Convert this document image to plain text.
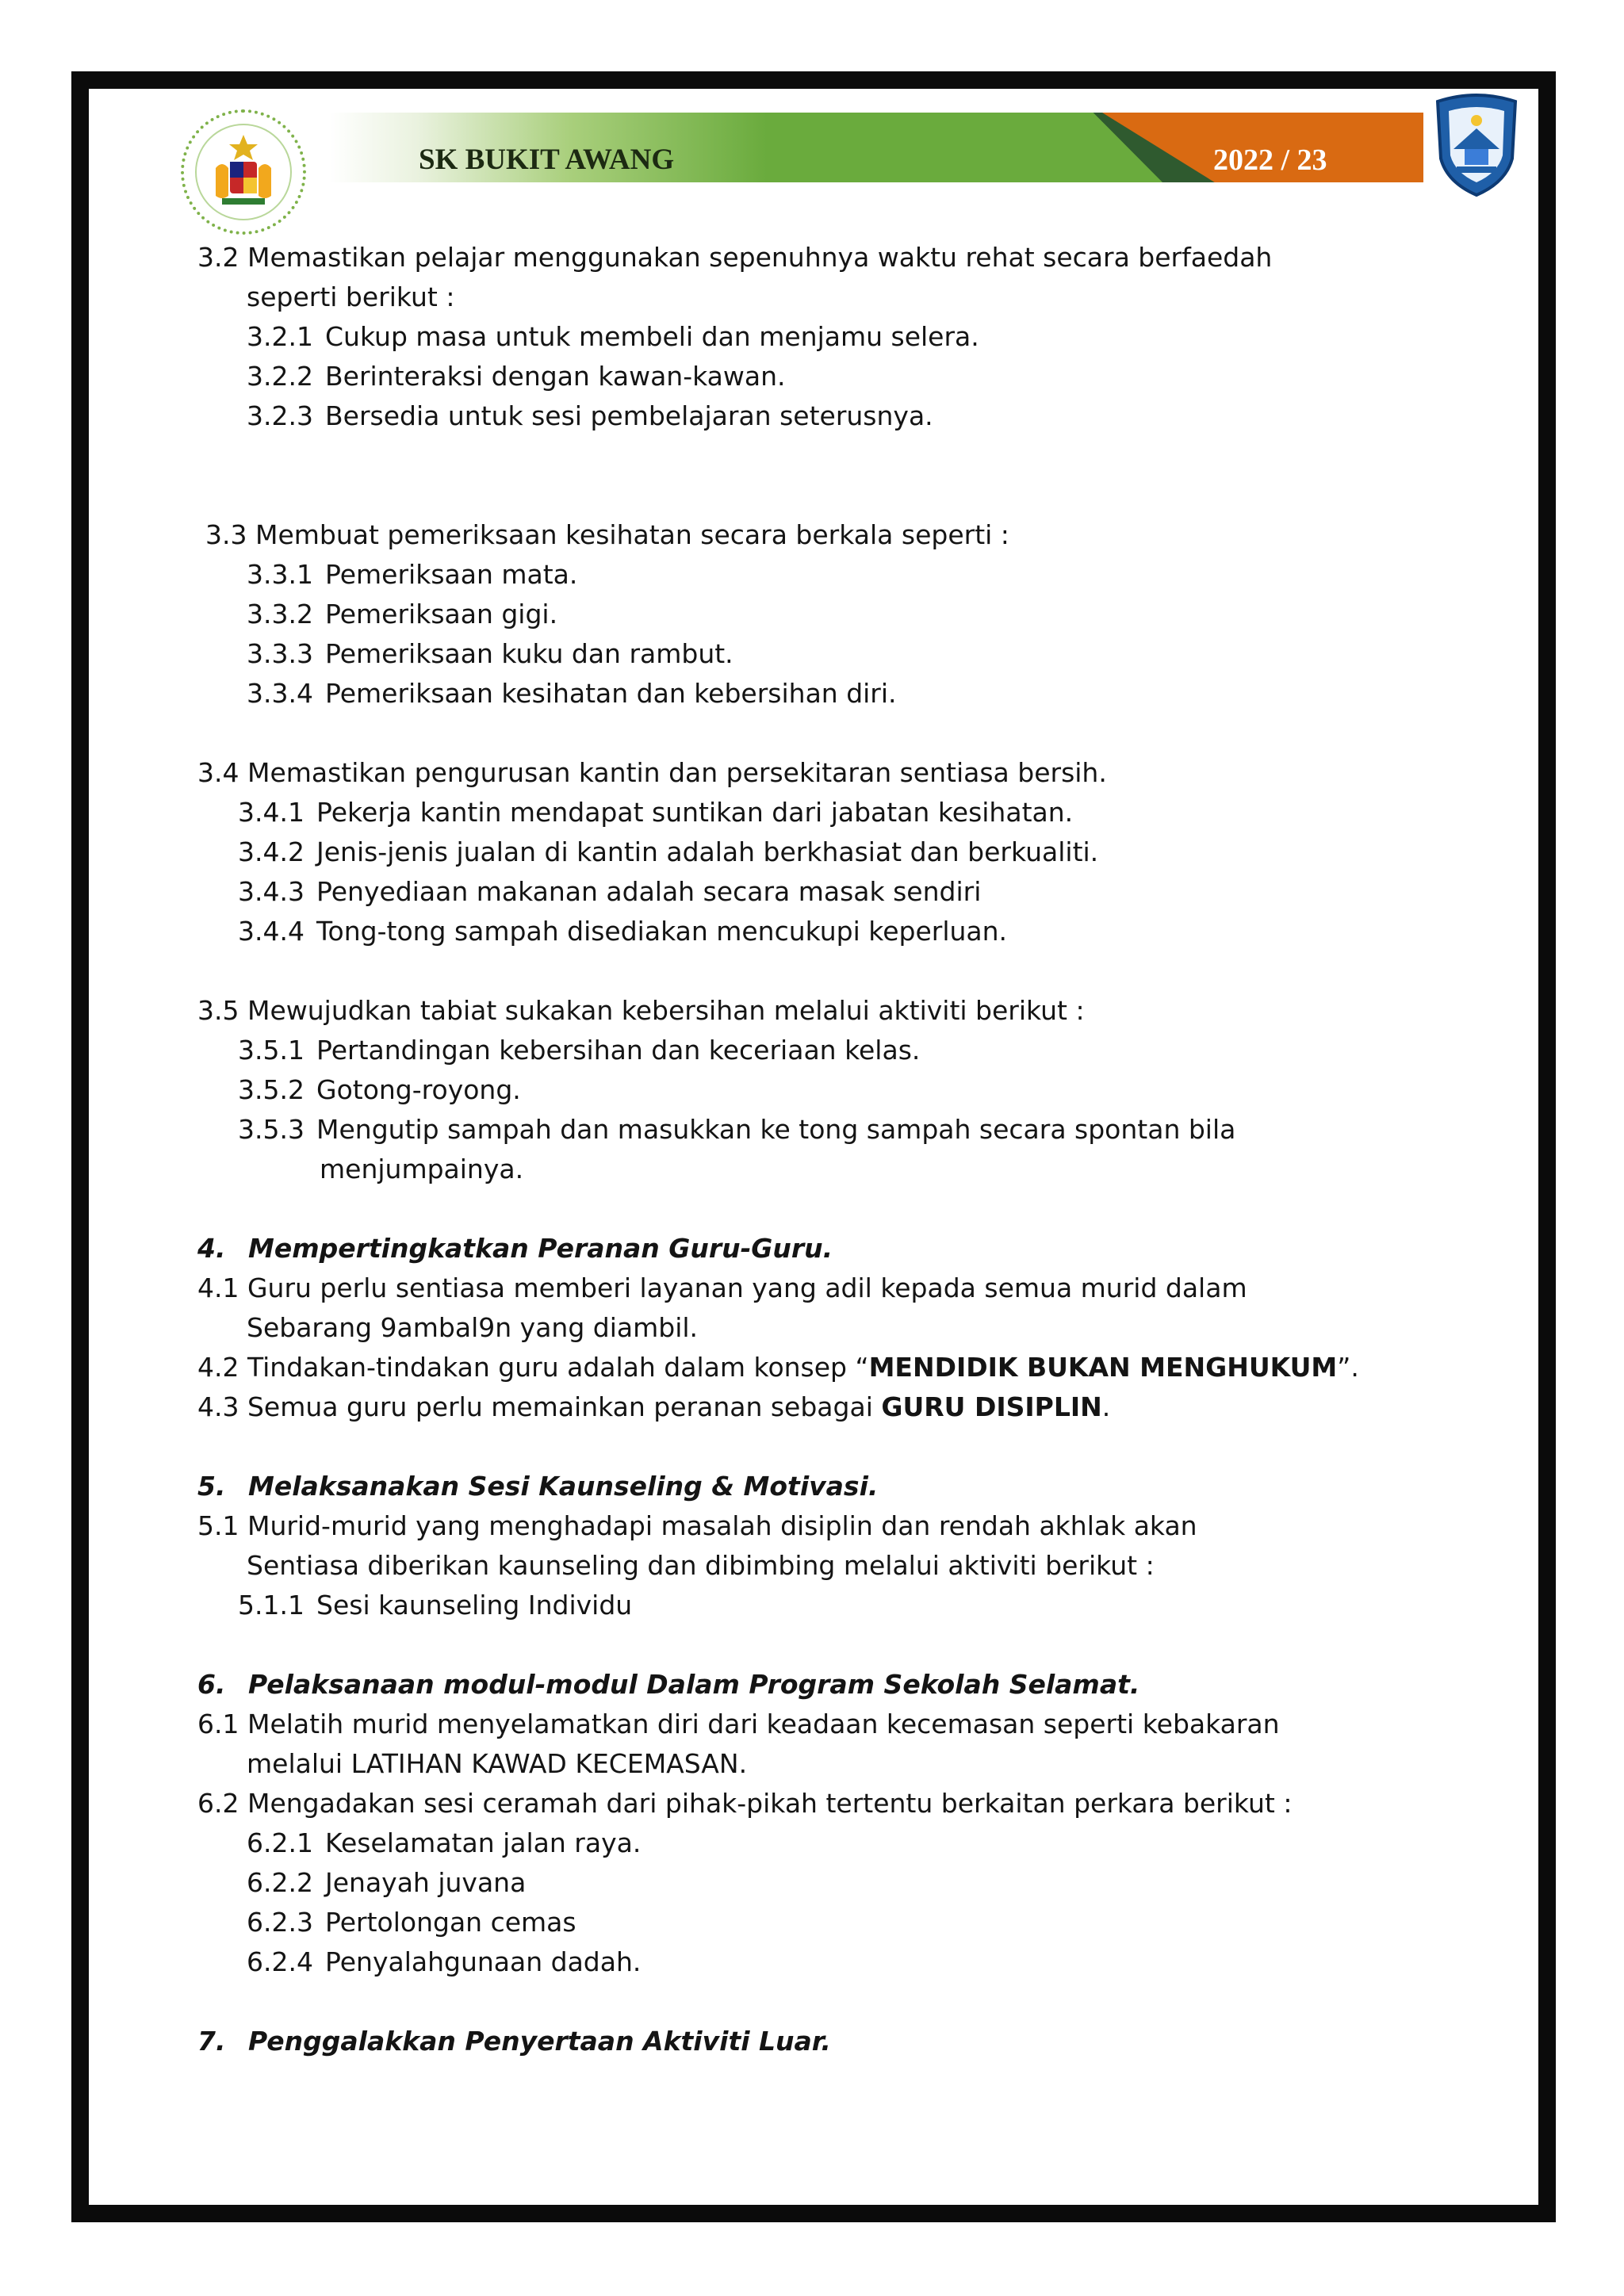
SK BUKIT AWANG	2022 / 23
3.2 Memastikan pelajar menggunakan sepenuhnya waktu rehat secara berfaedah
seperti berikut :
3.2.1 Cukup masa untuk membeli dan menjamu selera.
3.2.2 Berinteraksi dengan kawan-kawan.
3.2.3 Bersedia untuk sesi pembelajaran seterusnya.
3.3 Membuat pemeriksaan kesihatan secara berkala seperti :
3.3.1 Pemeriksaan mata.
3.3.2 Pemeriksaan gigi.
3.3.3 Pemeriksaan kuku dan rambut.
3.3.4 Pemeriksaan kesihatan dan kebersihan diri.
3.4 Memastikan pengurusan kantin dan persekitaran sentiasa bersih.
3.4.1 Pekerja kantin mendapat suntikan dari jabatan kesihatan.
3.4.2 Jenis-jenis jualan di kantin adalah berkhasiat dan berkualiti.
3.4.3 Penyediaan makanan adalah secara masak sendiri
3.4.4 Tong-tong sampah disediakan mencukupi keperluan.
3.5 Mewujudkan tabiat sukakan kebersihan melalui aktiviti berikut :
3.5.1 Pertandingan kebersihan dan keceriaan kelas.
3.5.2 Gotong-royong.
3.5.3 Mengutip sampah dan masukkan ke tong sampah secara spontan bila
menjumpainya.
4. Mempertingkatkan Peranan Guru-Guru.
4.1 Guru perlu sentiasa memberi layanan yang adil kepada semua murid dalam
Sebarang 9ambal9n yang diambil.
4.2 Tindakan-tindakan guru adalah dalam konsep “MENDIDIK BUKAN MENGHUKUM”.
4.3 Semua guru perlu memainkan peranan sebagai GURU DISIPLIN.
5. Melaksanakan Sesi Kaunseling & Motivasi.
5.1 Murid-murid yang menghadapi masalah disiplin dan rendah akhlak akan
Sentiasa diberikan kaunseling dan dibimbing melalui aktiviti berikut :
5.1.1 Sesi kaunseling Individu
6. Pelaksanaan modul-modul Dalam Program Sekolah Selamat.
6.1 Melatih murid menyelamatkan diri dari keadaan kecemasan seperti kebakaran
melalui LATIHAN KAWAD KECEMASAN.
6.2 Mengadakan sesi ceramah dari pihak-pikah tertentu berkaitan perkara berikut :
6.2.1 Keselamatan jalan raya.
6.2.2 Jenayah juvana
6.2.3 Pertolongan cemas
6.2.4 Penyalahgunaan dadah.
7. Penggalakkan Penyertaan Aktiviti Luar.
